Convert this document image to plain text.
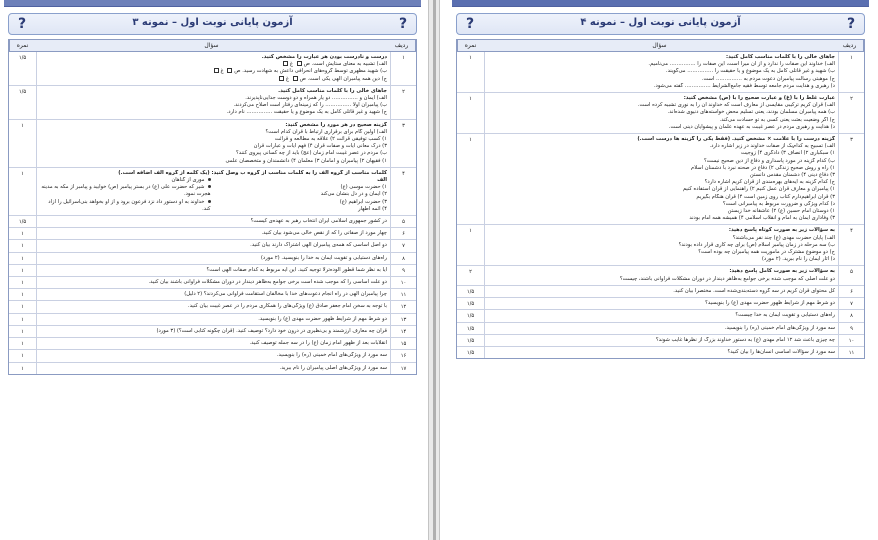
?
آزمون پایانی نوبت اول – نمونه ۳
?
ردیف
سؤال
نمره
۱
درست و نادرست بودن هر عبارت را مشخص کنید.
الف) تشبیه به معنای ستایش است. ص غ
ب) شهید مظهری توسط گروه‌های انحرافی داعش به شهادت رسید. ص غ
ج) دین همه پیامبران الهی یکی است. ص غ
۱/۵
۲
جاهای خالی را با کلمات مناسب کامل کنید.
الف) ایمان و …………… دو یار همراه و دو دوست جدایی‌ناپذیرند.
ب) پیامبران اولا …………… را که زمینه‌ای رفتار است اصلاح می‌کردند.
ج) شهید و غیر قاتلی کامل به یک موضوع و یا حقیقت …………… نام دارد.
۱/۵
۳
گزینه صحیح در هر مورد را مشخص کنید:
الف) اولین گام برای برقراری ارتباط با قرآن کدام است؟
۱) کسب توفیقی قرائت ۲) علاقه به مطالعه و قرائت
۳) درک معانی آیات و صفات قرآن ۴) فهم آیات و عبارات قرآن
ب) مردم در عصر غیبت امام زمان (عج) باید از چه کسانی پیروی کنند؟
۱) فقیهان ۲) پیامبران و امامان ۳) معلمان ۴) دانشمندان و متخصصان علمی
۱
۴
کلمات مناسب از گروه الف را به کلمات مناسب از گروه ب وصل کنید: (یک کلمه از گروه الف اضافه است.)
الف
۱) حضرت موسی (ع)
۲) ایمان و در دل بنشان می‌کند
۳) حضرت ابراهیم (ع)
۴) ائمه اطهار
موری از گناهان
شیر که حضرت علی (ع) در بستر پیامبر (ص) خوابید و پیامبر از مکه به مدینه هجرت نمود.
خداوند به او دستور داد نزد فرعون برود و از او بخواهد بنی‌اسرائیل را آزاد کند.
۱
۵
در کشور جمهوری اسلامی ایران انتخاب رهبر به عهده‌ی کیست؟
۱/۵
۶
چهار مورد از صفاتی را که از نقص خالی می‌شود بیان کنید.
۱
۷
دو اصل اساسی که همه‌ی پیامبران الهی اشتراک دارند بیان کنید.
۱
۸
راه‌های دستیابی و تقویت ایمان به خدا را بنویسید. (۲ مورد)
۱
۹
آیا به نظر شما قطور الوده‌ترلا توجیه کنید. این آیه مربوط به کدام صفات الهی است؟
۱
۱۰
دو علت اساسی را که موجب شده است برخی جوامع به‌ظاهر دیندار در دوران مشکلات فراوانی باشند بیان کنید.
۱
۱۱
چرا پیامبران الهی در راه انجام دعوت‌های خدا با مخالفان استقامت فراوانی می‌کردند؟ (۲ دلیل)
۱
۱۲
با توجه به سخن امام جعفر صادق (ع) ویژگی‌های را همکاری مردم را در عصر غیبت بیان کنید.
۱
۱۳
دو شرط مهم از شرایط ظهور حضرت مهدی (ع) را بنویسید.
۱
۱۴
قرآن چه معارف ارزشمند و بی‌نظیری در درون خود دارد؟ توصیف کنید. (قرآن چگونه کتابی است؟) (۳ مورد)
۱
۱۵
انقلابات بعد از ظهور امام زمان (ع) را در سه جمله توصیف کنید.
۱
۱۶
سه مورد از ویژگی‌های امام خمینی (ره) را بنویسید.
۱
۱۷
سه مورد از ویژگی‌های اصلی پیامبران را نام ببرید.
۱
?
آزمون پایانی نوبت اول – نمونه ۴
?
ردیف
سؤال
نمره
۱
جاهای خالی را با کلمات مناسب کامل کنید:
الف) خداوند این صفات را ندارد و از آن میرا است، این صفات را …………… می‌نامیم.
ب) شهید و غیر قاتلی کامل به یک موضوع و یا حقیقت را …………… می‌گویند.
ج) موهبتی رسالت پیامبران دعوت مردم به …………… است.
د) رهبری و هدایت مردم جامعه توسط فقیه جامع‌الشرایط …………… گفته می‌شود.
۱
۲
عبارت غلط را با (غ) و عبارت صحیح را با (ص) مشخص کنید:
الف) قرآن کریم ترکیبی مقایسی از معارف است که خداوند آن را به نوری تشبیه کرده است.
ب) همه پیامبران مسلمان بودند، یعنی تسلیم محض خواسته‌های دنیوی شده‌اند.
ج) اگر وضعیت بعثت یعنی کسی به تو حسادت می‌کند.
د) هدایت و رهبری مردم در عصر غیبت به عهده علمان و پیشوایان دینی است.
۱
۳
گزینه درست را با علامت × مشخص کنید. (فقط یکی را گزینه ها درست است.)
الف) تسبیح به کدام‌یک از صفات خداوند در زیر اشاره دارد.
۱) سبکباری ۲) انصاف ۳) دادگری ۴) زوجیت
ب) کدام گزینه در مورد پاسداری و دفاع از دین صحیح نیست؟
۱) راه و روش صحیح زندگی ۲) دفاع در صحنه نبرد با دشمنان اسلام
۳) دفاع دینی ۴) دشمنان مقدس دانستن
ج) کدام گزینه به آیه‌های بهره‌مندی از قرآن کریم اشاره دارد؟
۱) پیامبران و معارف قرآن عمل کنیم ۲) راهنمایی از قرآن استفاده کنیم
۳) قرآن ابراهیم‌دارم کتاب روی زمین است ۴) قرآن هنگام بگیریم
د) کدام ویژگی و ضرورت مربوط به پیامبرانی است؟
۱) دوستان امام حسین (ع) ۲) عاشقانه خدا زیستن
۳) وفاداری ایمان به امام و انقلاب اسلامی ۴) همیشه همه امام بودند
۱
۴
به سؤالات زیر به صورت کوتاه پاسخ دهید:
الف) پایان حضرت مهدی (ع) چند نفر می‌باشند؟
ب) سه مرحله در زمان پیامبر اسلام (ص) برای چه کاری قرار داده بودند؟
ج) دو موضوع مشترک در مأموریت همه پیامبران چه بوده است؟
د) آثار ایمان را نام ببرید. (۲ مورد)
۱
۵
به سؤالات زیر به صورت کامل پاسخ دهید:
دو علت اصلی که موجب شده برخی جوامع به‌ظاهر دیندار در دوران مشکلات فراوانی باشند، چیست؟
۲
۶
کل محتوای قرآن کریم در سه گروه دسته‌بندی‌شده است. مختصراً بیان کنید.
۱/۵
۷
دو شرط مهم از شرایط ظهور حضرت مهدی (ع) را بنویسید؟
۱/۵
۸
راه‌های دستیابی و تقویت ایمان به خدا چیست؟
۱/۵
۹
سه مورد از ویژگی‌های امام خمینی (ره) را بنویسید.
۱/۵
۱۰
چه چیزی باعث شد ۱۲ امام مهدی (ع) به دستور خداوند بزرگ از نظرها غایب شوند؟
۱/۵
۱۱
سه مورد از سؤالات اساسی انسان‌ها را بیان کنید؟
۱/۵
